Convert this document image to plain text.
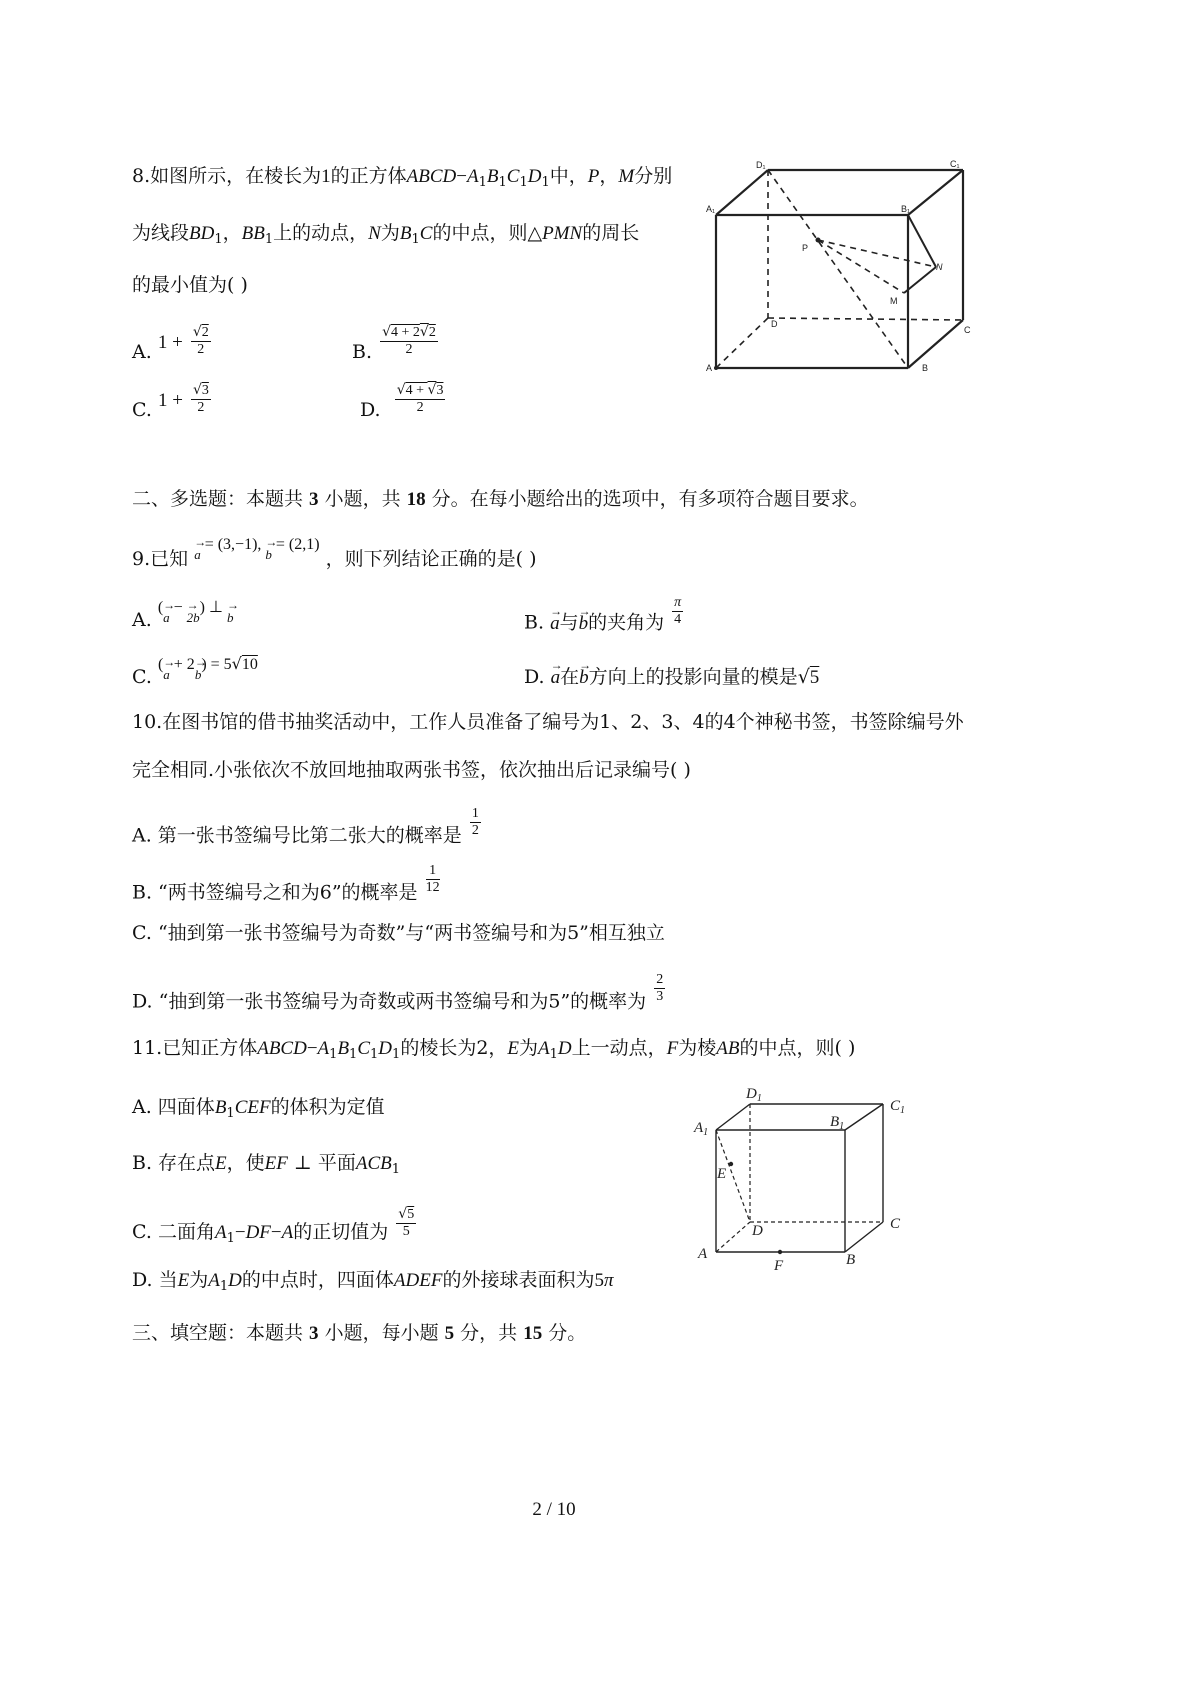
8.如图所示，在棱长为1的正方体$ABCD-A_1B_1C_1D_1$中，P，M分别
为线段$BD_1$，$BB_1$上的动点，N为$B_1C$的中点，则△PMN的周长
的最小值为( )
A. $1 + \frac{√2}{2}$	B. $\frac{√4 + 2√2}{2}$
C. $1 + \frac{√3}{2}$	D. $\frac{√4 + √3}{2}$
D₁	C₁
A₁	B₁
P
N
M
D
C
A	B
二、多选题：本题共 3 小题，共 18 分。在每小题给出的选项中，有多项符合题目要求。
9.已知 → $^{a = (3,-1), \to b = (2,1)}$ ，则下列结论正确的是( )
A. $^{(\to a - \to 2b) \perp \to b}$	B. → a与→ b的夹角为 $\frac{\pi}{4}$
C. $^{(\to a + 2\to b) = 5√10}$
D. → a在→ b方向上的投影向量的模是√5
10.在图书馆的借书抽奖活动中，工作人员准备了编号为1、2、3、4的4个神秘书签，书签除编号外
完全相同.小张依次不放回地抽取两张书签，依次抽出后记录编号( )
A. 第一张书签编号比第二张大的概率是 $\frac{1}{2}$
B. “两书签编号之和为6”的概率是 $\frac{1}{12}$
C. “抽到第一张书签编号为奇数”与“两书签编号和为5”相互独立
D. “抽到第一张书签编号为奇数或两书签编号和为5”的概率为 $\frac{2}{3}$
11.已知正方体$ABCD-A_1B_1C_1D_1$的棱长为2，E为$A_1D$上一动点，F为棱AB的中点，则( )
A. 四面体$B_1CEF$的体积为定值
B. 存在点E，使EF ⊥ 平面$ACB_1$
C. 二面角$A_1-DF-A$的正切值为 $\frac{√5}{5}$
D. 当E为$A_1D$的中点时，四面体ADEF的外接球表面积为5π
$D_1$	$C_1$
$A_1$
$B_1$
E
D	C
A
F	B
三、填空题：本题共 3 小题，每小题 5 分，共 15 分。
2 / 10
